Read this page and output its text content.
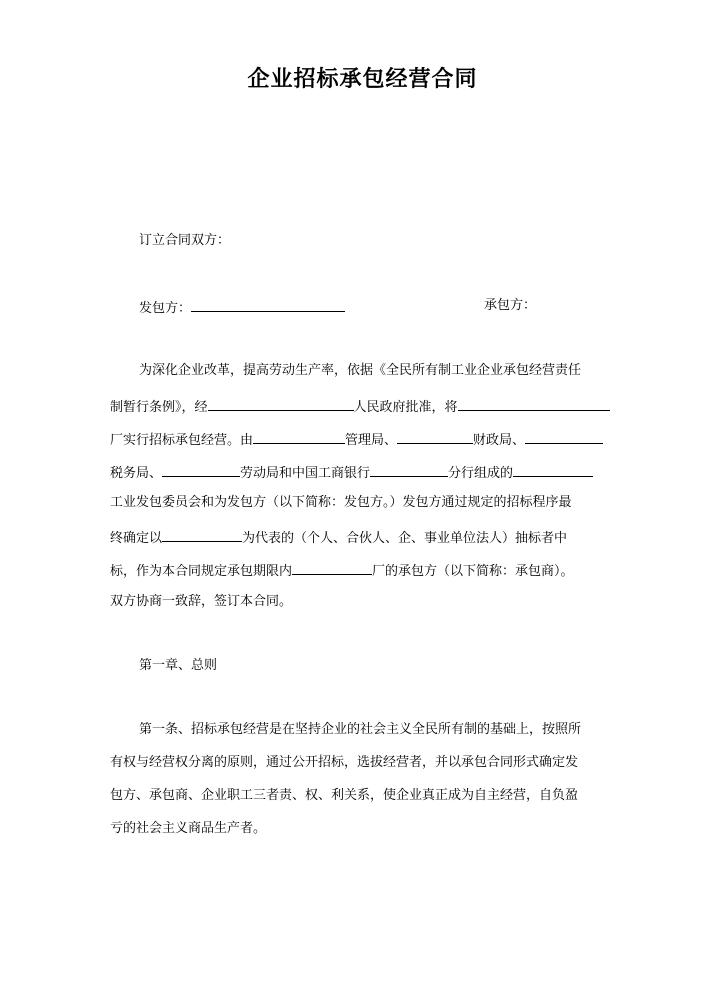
企业招标承包经营合同
订立合同双方：
发包方：	承包方：
为深化企业改革，提高劳动生产率，依据《全民所有制工业企业承包经营责任
制暂行条例》，经	人民政府批准，将
厂实行招标承包经营。由	管理局、	财政局、
税务局、	劳动局和中国工商银行	分行组成的
工业发包委员会和为发包方（以下简称：发包方。）发包方通过规定的招标程序最
终确定以	为代表的（个人、合伙人、企、事业单位法人）抽标者中
标，作为本合同规定承包期限内	厂的承包方（以下简称：承包商）。
双方协商一致辞，签订本合同。
第一章、总则
第一条、招标承包经营是在坚持企业的社会主义全民所有制的基础上，按照所
有权与经营权分离的原则，通过公开招标，选拔经营者，并以承包合同形式确定发
包方、承包商、企业职工三者责、权、利关系，使企业真正成为自主经营，自负盈
亏的社会主义商品生产者。
